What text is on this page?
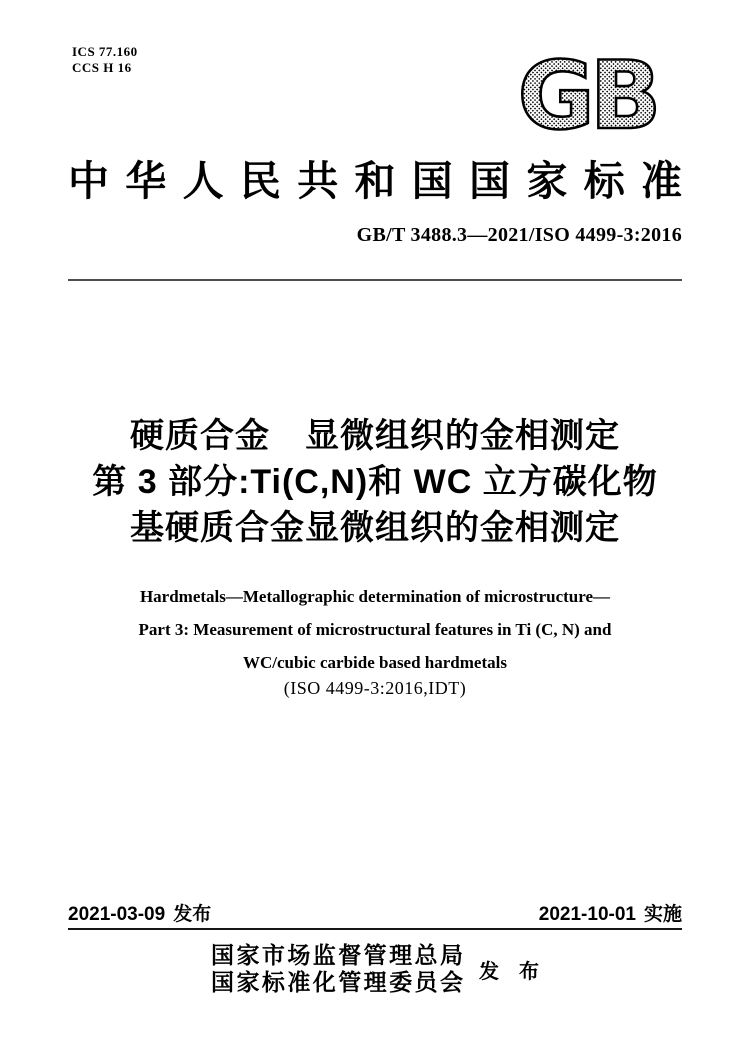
ICS 77.160
CCS H 16	GB
中华人民共和国国家标准
GB/T 3488.3—2021/ISO 4499-3:2016
硬质合金　显微组织的金相测定
第 3 部分:Ti(C,N)和 WC 立方碳化物
基硬质合金显微组织的金相测定
Hardmetals—Metallographic determination of microstructure—
Part 3: Measurement of microstructural features in Ti (C, N) and
WC/cubic carbide based hardmetals
(ISO 4499-3:2016,IDT)
2021-03-09 发布	2021-10-01 实施
国家市场监督管理总局
国家标准化管理委员会 发　布
